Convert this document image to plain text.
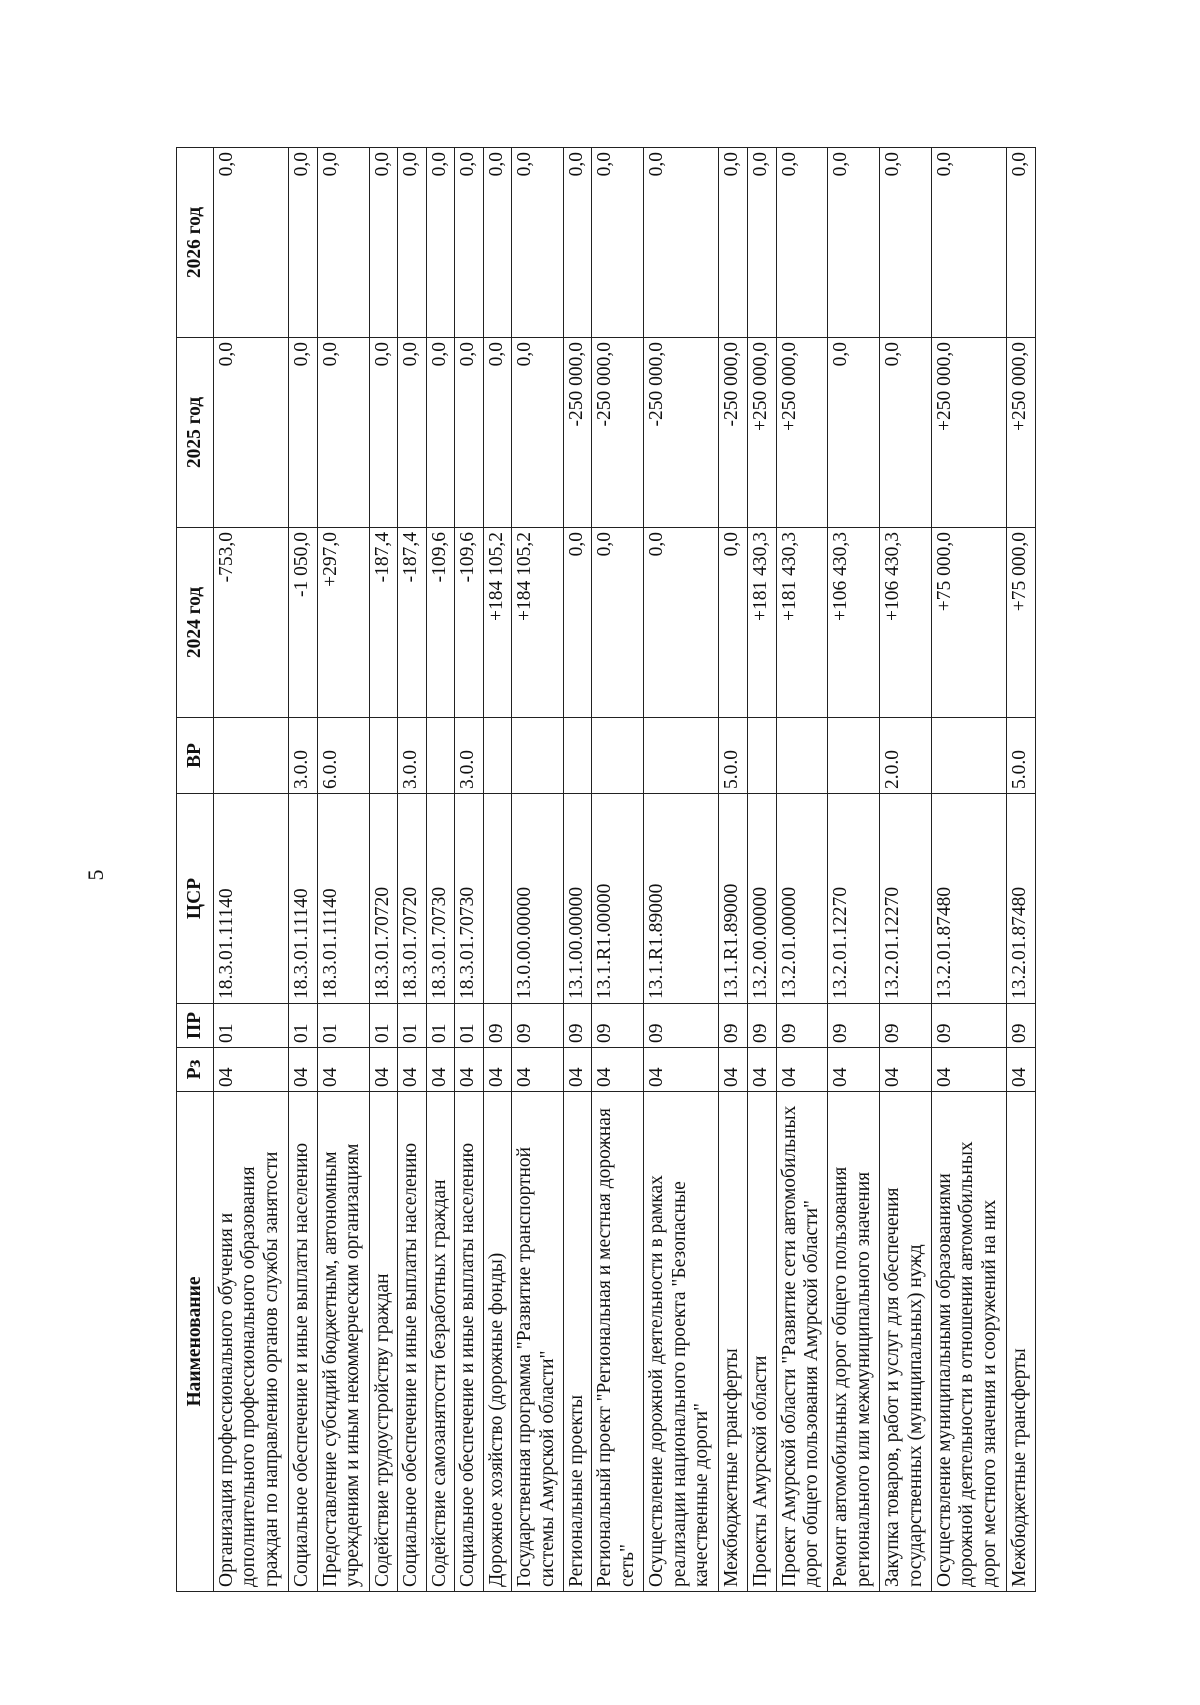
5
Наименование	Рз	ПР	ЦСР	ВР	2024 год	2025 год	2026 год
Организация профессионального обучения и дополнительного профессионального образования граждан по направлению органов службы занятости	04	01	18.3.01.11140		-753,0	0,0	0,0
Социальное обеспечение и иные выплаты населению	04	01	18.3.01.11140	3.0.0	-1 050,0	0,0	0,0
Предоставление субсидий бюджетным, автономным учреждениям и иным некоммерческим организациям	04	01	18.3.01.11140	6.0.0	+297,0	0,0	0,0
Содействие трудоустройству граждан	04	01	18.3.01.70720		-187,4	0,0	0,0
Социальное обеспечение и иные выплаты населению	04	01	18.3.01.70720	3.0.0	-187,4	0,0	0,0
Содействие самозанятости безработных граждан	04	01	18.3.01.70730		-109,6	0,0	0,0
Социальное обеспечение и иные выплаты населению	04	01	18.3.01.70730	3.0.0	-109,6	0,0	0,0
Дорожное хозяйство (дорожные фонды)	04	09			+184 105,2	0,0	0,0
Государственная программа "Развитие транспортной системы Амурской области"	04	09	13.0.00.00000		+184 105,2	0,0	0,0
Региональные проекты	04	09	13.1.00.00000		0,0	-250 000,0	0,0
Региональный проект "Региональная и местная дорожная сеть"	04	09	13.1.R1.00000		0,0	-250 000,0	0,0
Осуществление дорожной деятельности в рамках реализации национального проекта "Безопасные качественные дороги"	04	09	13.1.R1.89000		0,0	-250 000,0	0,0
Межбюджетные трансферты	04	09	13.1.R1.89000	5.0.0	0,0	-250 000,0	0,0
Проекты Амурской области	04	09	13.2.00.00000		+181 430,3	+250 000,0	0,0
Проект Амурской области "Развитие сети автомобильных дорог общего пользования Амурской области"	04	09	13.2.01.00000		+181 430,3	+250 000,0	0,0
Ремонт автомобильных дорог общего пользования регионального или межмуниципального значения	04	09	13.2.01.12270		+106 430,3	0,0	0,0
Закупка товаров, работ и услуг для обеспечения государственных (муниципальных) нужд	04	09	13.2.01.12270	2.0.0	+106 430,3	0,0	0,0
Осуществление муниципальными образованиями дорожной деятельности в отношении автомобильных дорог местного значения и сооружений на них	04	09	13.2.01.87480		+75 000,0	+250 000,0	0,0
Межбюджетные трансферты	04	09	13.2.01.87480	5.0.0	+75 000,0	+250 000,0	0,0
